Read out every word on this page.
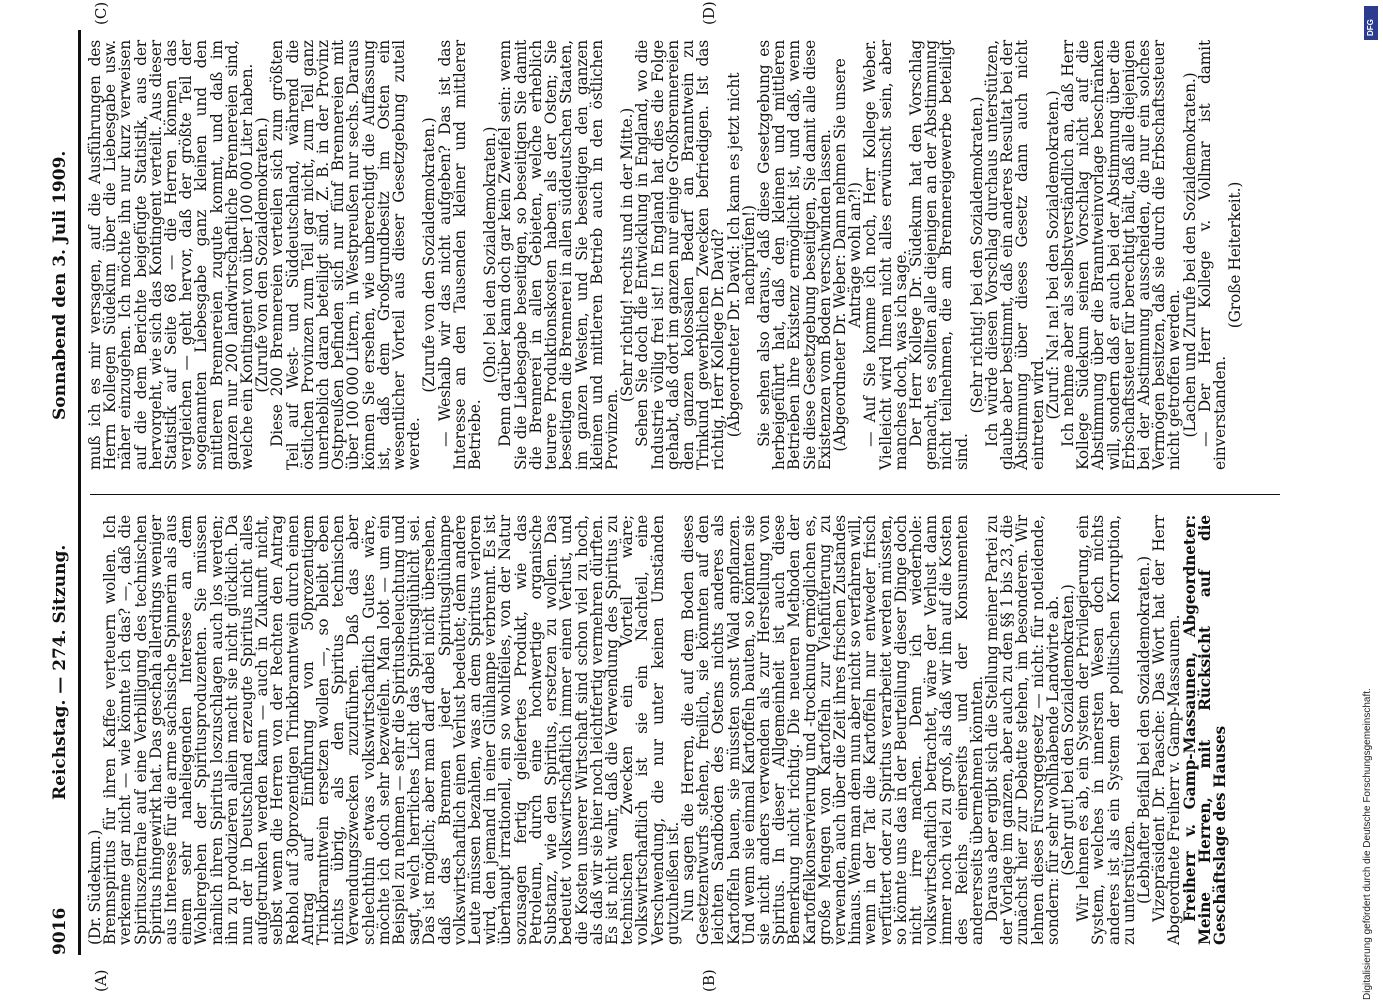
9016
Reichstag. — 274. Sitzung.
Sonnabend den 3. Juli 1909.
(A)	(B)
(C)	(D)

(Dr. Südekum.)

Brennspiritus für ihren Kaffee verteuern wollen. Ich verkenne gar nicht — wie könnte ich das? —, daß die Spirituszentrale auf eine Verbilligung des technischen Spiritus hingewirkt hat. Das geschah allerdings weniger aus Interesse für die arme sächsische Spinnerin als aus einem sehr naheliegenden Interesse an dem Wohlergehen der Spiritusproduzenten. Sie müssen nämlich ihren Spiritus loszuschlagen auch los werden; ihn zu produzieren allein macht sie nicht glücklich. Da nun der in Deutschland erzeugte Spiritus nicht alles aufgetrunken werden kann — auch in Zukunft nicht, selbst wenn die Herren von der Rechten den Antrag Rebhol auf 30prozentigen Trinkbranntwein durch einen Antrag auf Einführung von 50prozentigem Trinkbranntwein ersetzen wollen —, so bleibt eben nichts übrig, als den Spiritus technischen Verwendungszwecken zuzuführen. Daß das aber schlechthin etwas volkswirtschaftlich Gutes wäre, möchte ich doch sehr bezweifeln. Man lobt — um ein Beispiel zu nehmen — sehr die Spiritusbeleuchtung und sagt, welch herrliches Licht das Spiritusglühlicht sei. Das ist möglich; aber man darf dabei nicht übersehen, daß das Brennen jeder Spiritusglühlampe volkswirtschaftlich einen Verlust bedeutet; denn andere Leute müssen bezahlen, was an dem Spiritus verloren wird, den jemand in einer Glühlampe verbrennt. Es ist überhaupt irrationell, ein so wohlfeiles, von der Natur sozusagen fertig geliefertes Produkt, wie das Petroleum, durch eine hochwertige organische Substanz, wie den Spiritus, ersetzen zu wollen. Das bedeutet volkswirtschaftlich immer einen Verlust, und die Kosten unserer Wirtschaft sind schon viel zu hoch, als daß wir sie hier noch leichtfertig vermehren dürften. Es ist nicht wahr, daß die Verwendung des Spiritus zu technischen Zwecken ein Vorteil wäre; volkswirtschaftlich ist sie ein Nachteil, eine Verschwendung, die nur unter keinen Umständen gutzuheißen ist.

Nun sagen die Herren, die auf dem Boden dieses Gesetzentwurfs stehen, freilich, sie könnten auf den leichten Sandböden des Ostens nichts anderes als Kartoffeln bauen, sie müssten sonst Wald anpflanzen. Und wenn sie einmal Kartoffeln bauten, so könnten sie sie nicht anders verwenden als zur Herstellung von Spiritus. In dieser Allgemeinheit ist auch diese Bemerkung nicht richtig. Die neueren Methoden der Kartoffelkonservierung und -trocknung ermöglichen es, große Mengen von Kartoffeln zur Viehfütterung zu verwenden, auch über die Zeit ihres frischen Zustandes hinaus. Wenn man dem nun aber nicht so verfahren will, wenn in der Tat die Kartoffeln nur entweder frisch verfüttert oder zu Spiritus verarbeitet werden müssten, so könnte uns das in der Beurteilung dieser Dinge doch nicht irre machen. Denn ich wiederhole: volkswirtschaftlich betrachtet, wäre der Verlust dann immer noch viel zu groß, als daß wir ihn auf die Kosten des Reichs einerseits und der Konsumenten andererseits übernehmen könnten.

Daraus aber ergibt sich die Stellung meiner Partei zu der Vorlage im ganzen, aber auch zu den §§ 1 bis 23, die zunächst hier zur Debatte stehen, im besonderen. Wir lehnen dieses Fürsorgegesetz — nicht: für notleidende, sondern: für sehr wohlhabende Landwirte ab.

(Sehr gut! bei den Sozialdemokraten.)

Wir lehnen es ab, ein System der Privilegierung, ein System, welches in innersten Wesen doch nichts anderes ist als ein System der politischen Korruption, zu unterstützen.

(Lebhafter Beifall bei den Sozialdemokraten.)

Vizepräsident Dr. Paasche: Das Wort hat der Herr Abgeordnete Freiherr v. Gamp-Massaunen.

Freiherr v. Gamp-Massaunen, Abgeordneter: Meine Herren, mit Rücksicht auf die Geschäftslage des Hauses

muß ich es mir versagen, auf die Ausführungen des Herrn Kollegen Südekum über die Liebesgabe usw. näher einzugehen. Ich möchte ihn nur kurz verweisen auf die dem Berichte beigefügte Statistik, aus der hervorgeht, wie sich das Kontingent verteilt. Aus dieser Statistik auf Seite 68 — die Herren können das vergleichen — geht hervor, daß der größte Teil der sogenannten Liebesgabe ganz kleinen und den mittleren Brennereien zugute kommt, und daß im ganzen nur 200 landwirtschaftliche Brennereien sind, welche ein Kontingent von über 100 000 Liter haben.

(Zurufe von den Sozialdemokraten.)

Diese 200 Brennereien verteilen sich zum größten Teil auf West- und Süddeutschland, während die östlichen Provinzen zum Teil gar nicht, zum Teil ganz unerheblich daran beteiligt sind. Z. B. in der Provinz Ostpreußen befinden sich nur fünf Brennereien mit über 100 000 Litern, in Westpreußen nur sechs. Daraus können Sie ersehen, wie unberechtigt die Auffassung ist, daß dem Großgrundbesitz im Osten ein wesentlicher Vorteil aus dieser Gesetzgebung zuteil werde.

(Zurufe von den Sozialdemokraten.)

— Weshalb wir das nicht aufgeben? Das ist das Interesse an den Tausenden kleiner und mittlerer Betriebe.

(Oho! bei den Sozialdemokraten.)

Denn darüber kann doch gar kein Zweifel sein: wenn Sie die Liebesgabe beseitigen, so beseitigen Sie damit die Brennerei in allen Gebieten, welche erheblich teurere Produktionskosten haben als der Osten; Sie beseitigen die Brennerei in allen süddeutschen Staaten, im ganzen Westen, und Sie beseitigen den ganzen kleinen und mittleren Betrieb auch in den östlichen Provinzen.

(Sehr richtig! rechts und in der Mitte.)

Sehen Sie doch die Entwicklung in England, wo die Industrie völlig frei ist! In England hat dies die Folge gehabt, daß dort im ganzen nur einige Großbrennereien den ganzen kolossalen Bedarf an Branntwein zu Trinkund gewerblichen Zwecken befriedigen. Ist das richtig, Herr Kollege Dr. David?

(Abgeordneter Dr. David: Ich kann es jetzt nicht nachprüfen!)

Sie sehen also daraus, daß diese Gesetzgebung es herbeigeführt hat, daß den kleinen und mittleren Betrieben ihre Existenz ermöglicht ist, und daß, wenn Sie diese Gesetzgebung beseitigen, Sie damit alle diese Existenzen vom Boden verschwinden lassen.

(Abgeordneter Dr. Weber: Dann nehmen Sie unsere Anträge wohl an?!)

— Auf Sie komme ich noch, Herr Kollege Weber. Vielleicht wird Ihnen nicht alles erwünscht sein, aber manches doch, was ich sage.

Der Herr Kollege Dr. Südekum hat den Vorschlag gemacht, es sollten alle diejenigen an der Abstimmung nicht teilnehmen, die am Brennereigewerbe beteiligt sind.

(Sehr richtig! bei den Sozialdemokraten.)

Ich würde diesen Vorschlag durchaus unterstützen, glaube aber bestimmt, daß ein anderes Resultat bei der Abstimmung über dieses Gesetz dann auch nicht eintreten wird.

(Zuruf: Na! na! bei den Sozialdemokraten.)

Ich nehme aber als selbstverständlich an, daß Herr Kollege Südekum seinen Vorschlag nicht auf die Abstimmung über die Branntweinvorlage beschränken will, sondern daß er auch bei der Abstimmung über die Erbschaftssteuer für berechtigt hält, daß alle diejenigen bei der Abstimmung ausscheiden, die nur ein solches Vermögen besitzen, daß sie durch die Erbschaftssteuer nicht getroffen werden.

(Lachen und Zurufe bei den Sozialdemokraten.)

— Der Herr Kollege v. Vollmar ist damit einverstanden.

(Große Heiterkeit.)

Digitalisierung gefördert durch die Deutsche Forschungsgemeinschaft.
DFG
